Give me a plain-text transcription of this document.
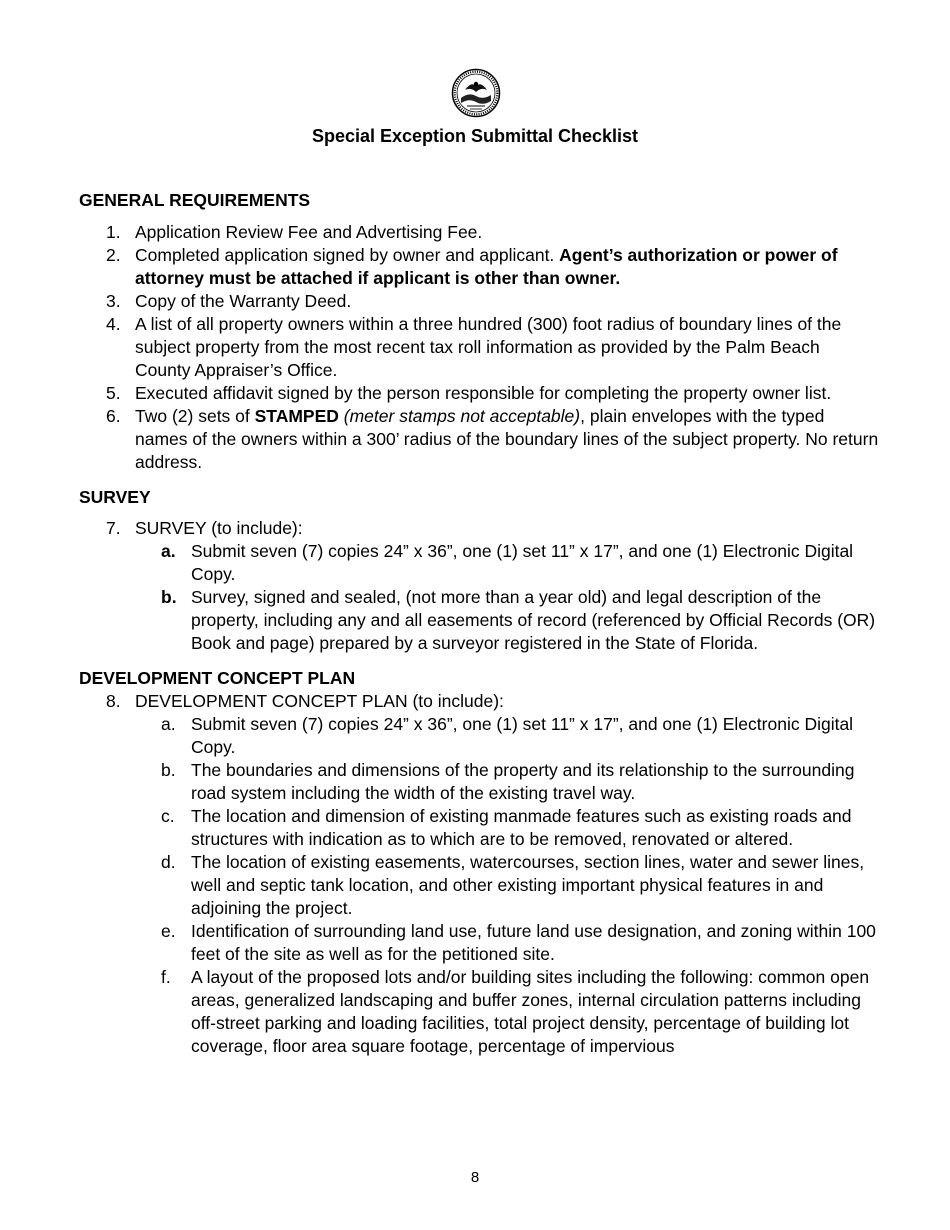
Special Exception Submittal Checklist
GENERAL REQUIREMENTS
1. Application Review Fee and Advertising Fee.
2. Completed application signed by owner and applicant. Agent’s authorization or power of attorney must be attached if applicant is other than owner.
3. Copy of the Warranty Deed.
4. A list of all property owners within a three hundred (300) foot radius of boundary lines of the subject property from the most recent tax roll information as provided by the Palm Beach County Appraiser’s Office.
5. Executed affidavit signed by the person responsible for completing the property owner list.
6. Two (2) sets of STAMPED (meter stamps not acceptable), plain envelopes with the typed names of the owners within a 300’ radius of the boundary lines of the subject property. No return address.
SURVEY
7. SURVEY (to include):
a. Submit seven (7) copies 24” x 36”, one (1) set 11” x 17”, and one (1) Electronic Digital Copy.
b. Survey, signed and sealed, (not more than a year old) and legal description of the property, including any and all easements of record (referenced by Official Records (OR) Book and page) prepared by a surveyor registered in the State of Florida.
DEVELOPMENT CONCEPT PLAN
8. DEVELOPMENT CONCEPT PLAN (to include):
a. Submit seven (7) copies 24” x 36”, one (1) set 11” x 17”, and one (1) Electronic Digital Copy.
b. The boundaries and dimensions of the property and its relationship to the surrounding road system including the width of the existing travel way.
c. The location and dimension of existing manmade features such as existing roads and structures with indication as to which are to be removed, renovated or altered.
d. The location of existing easements, watercourses, section lines, water and sewer lines, well and septic tank location, and other existing important physical features in and adjoining the project.
e. Identification of surrounding land use, future land use designation, and zoning within 100 feet of the site as well as for the petitioned site.
f. A layout of the proposed lots and/or building sites including the following: common open areas, generalized landscaping and buffer zones, internal circulation patterns including off-street parking and loading facilities, total project density, percentage of building lot coverage, floor area square footage, percentage of impervious
8
